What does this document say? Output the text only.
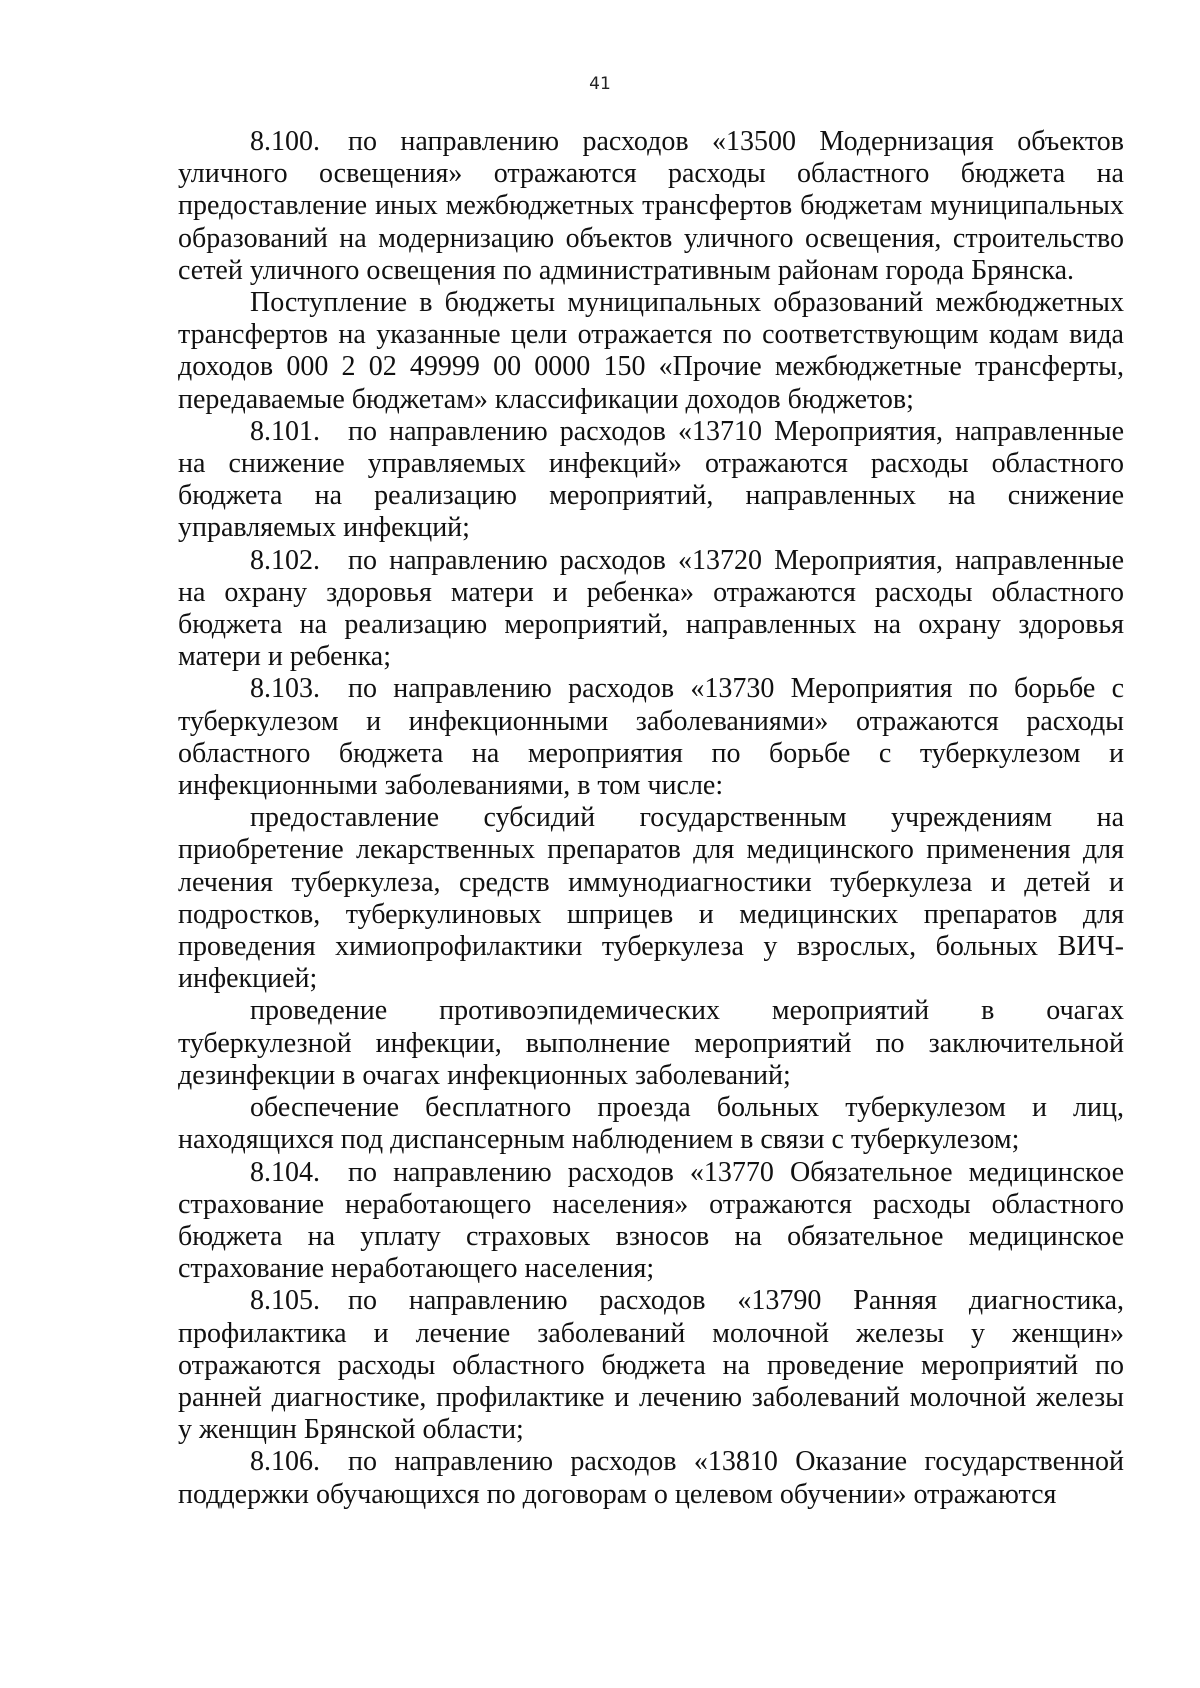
41

8.100. по направлению расходов «13500 Модернизация объектов уличного освещения» отражаются расходы областного бюджета на предоставление иных межбюджетных трансфертов бюджетам муниципальных образований на модернизацию объектов уличного освещения, строительство сетей уличного освещения по административным районам города Брянска.

Поступление в бюджеты муниципальных образований межбюджетных трансфертов на указанные цели отражается по соответствующим кодам вида доходов 000 2 02 49999 00 0000 150 «Прочие межбюджетные трансферты, передаваемые бюджетам» классификации доходов бюджетов;

8.101. по направлению расходов «13710 Мероприятия, направленные на снижение управляемых инфекций» отражаются расходы областного бюджета на реализацию мероприятий, направленных на снижение управляемых инфекций;

8.102. по направлению расходов «13720 Мероприятия, направленные на охрану здоровья матери и ребенка» отражаются расходы областного бюджета на реализацию мероприятий, направленных на охрану здоровья матери и ребенка;

8.103. по направлению расходов «13730 Мероприятия по борьбе с туберкулезом и инфекционными заболеваниями» отражаются расходы областного бюджета на мероприятия по борьбе с туберкулезом и инфекционными заболеваниями, в том числе:

предоставление субсидий государственным учреждениям на приобретение лекарственных препаратов для медицинского применения для лечения туберкулеза, средств иммунодиагностики туберкулеза и детей и подростков, туберкулиновых шприцев и медицинских препаратов для проведения химиопрофилактики туберкулеза у взрослых, больных ВИЧ-инфекцией;

проведение противоэпидемических мероприятий в очагах туберкулезной инфекции, выполнение мероприятий по заключительной дезинфекции в очагах инфекционных заболеваний;

обеспечение бесплатного проезда больных туберкулезом и лиц, находящихся под диспансерным наблюдением в связи с туберкулезом;

8.104. по направлению расходов «13770 Обязательное медицинское страхование неработающего населения» отражаются расходы областного бюджета на уплату страховых взносов на обязательное медицинское страхование неработающего населения;

8.105. по направлению расходов «13790 Ранняя диагностика, профилактика и лечение заболеваний молочной железы у женщин» отражаются расходы областного бюджета на проведение мероприятий по ранней диагностике, профилактике и лечению заболеваний молочной железы у женщин Брянской области;

8.106. по направлению расходов «13810 Оказание государственной поддержки обучающихся по договорам о целевом обучении» отражаются
